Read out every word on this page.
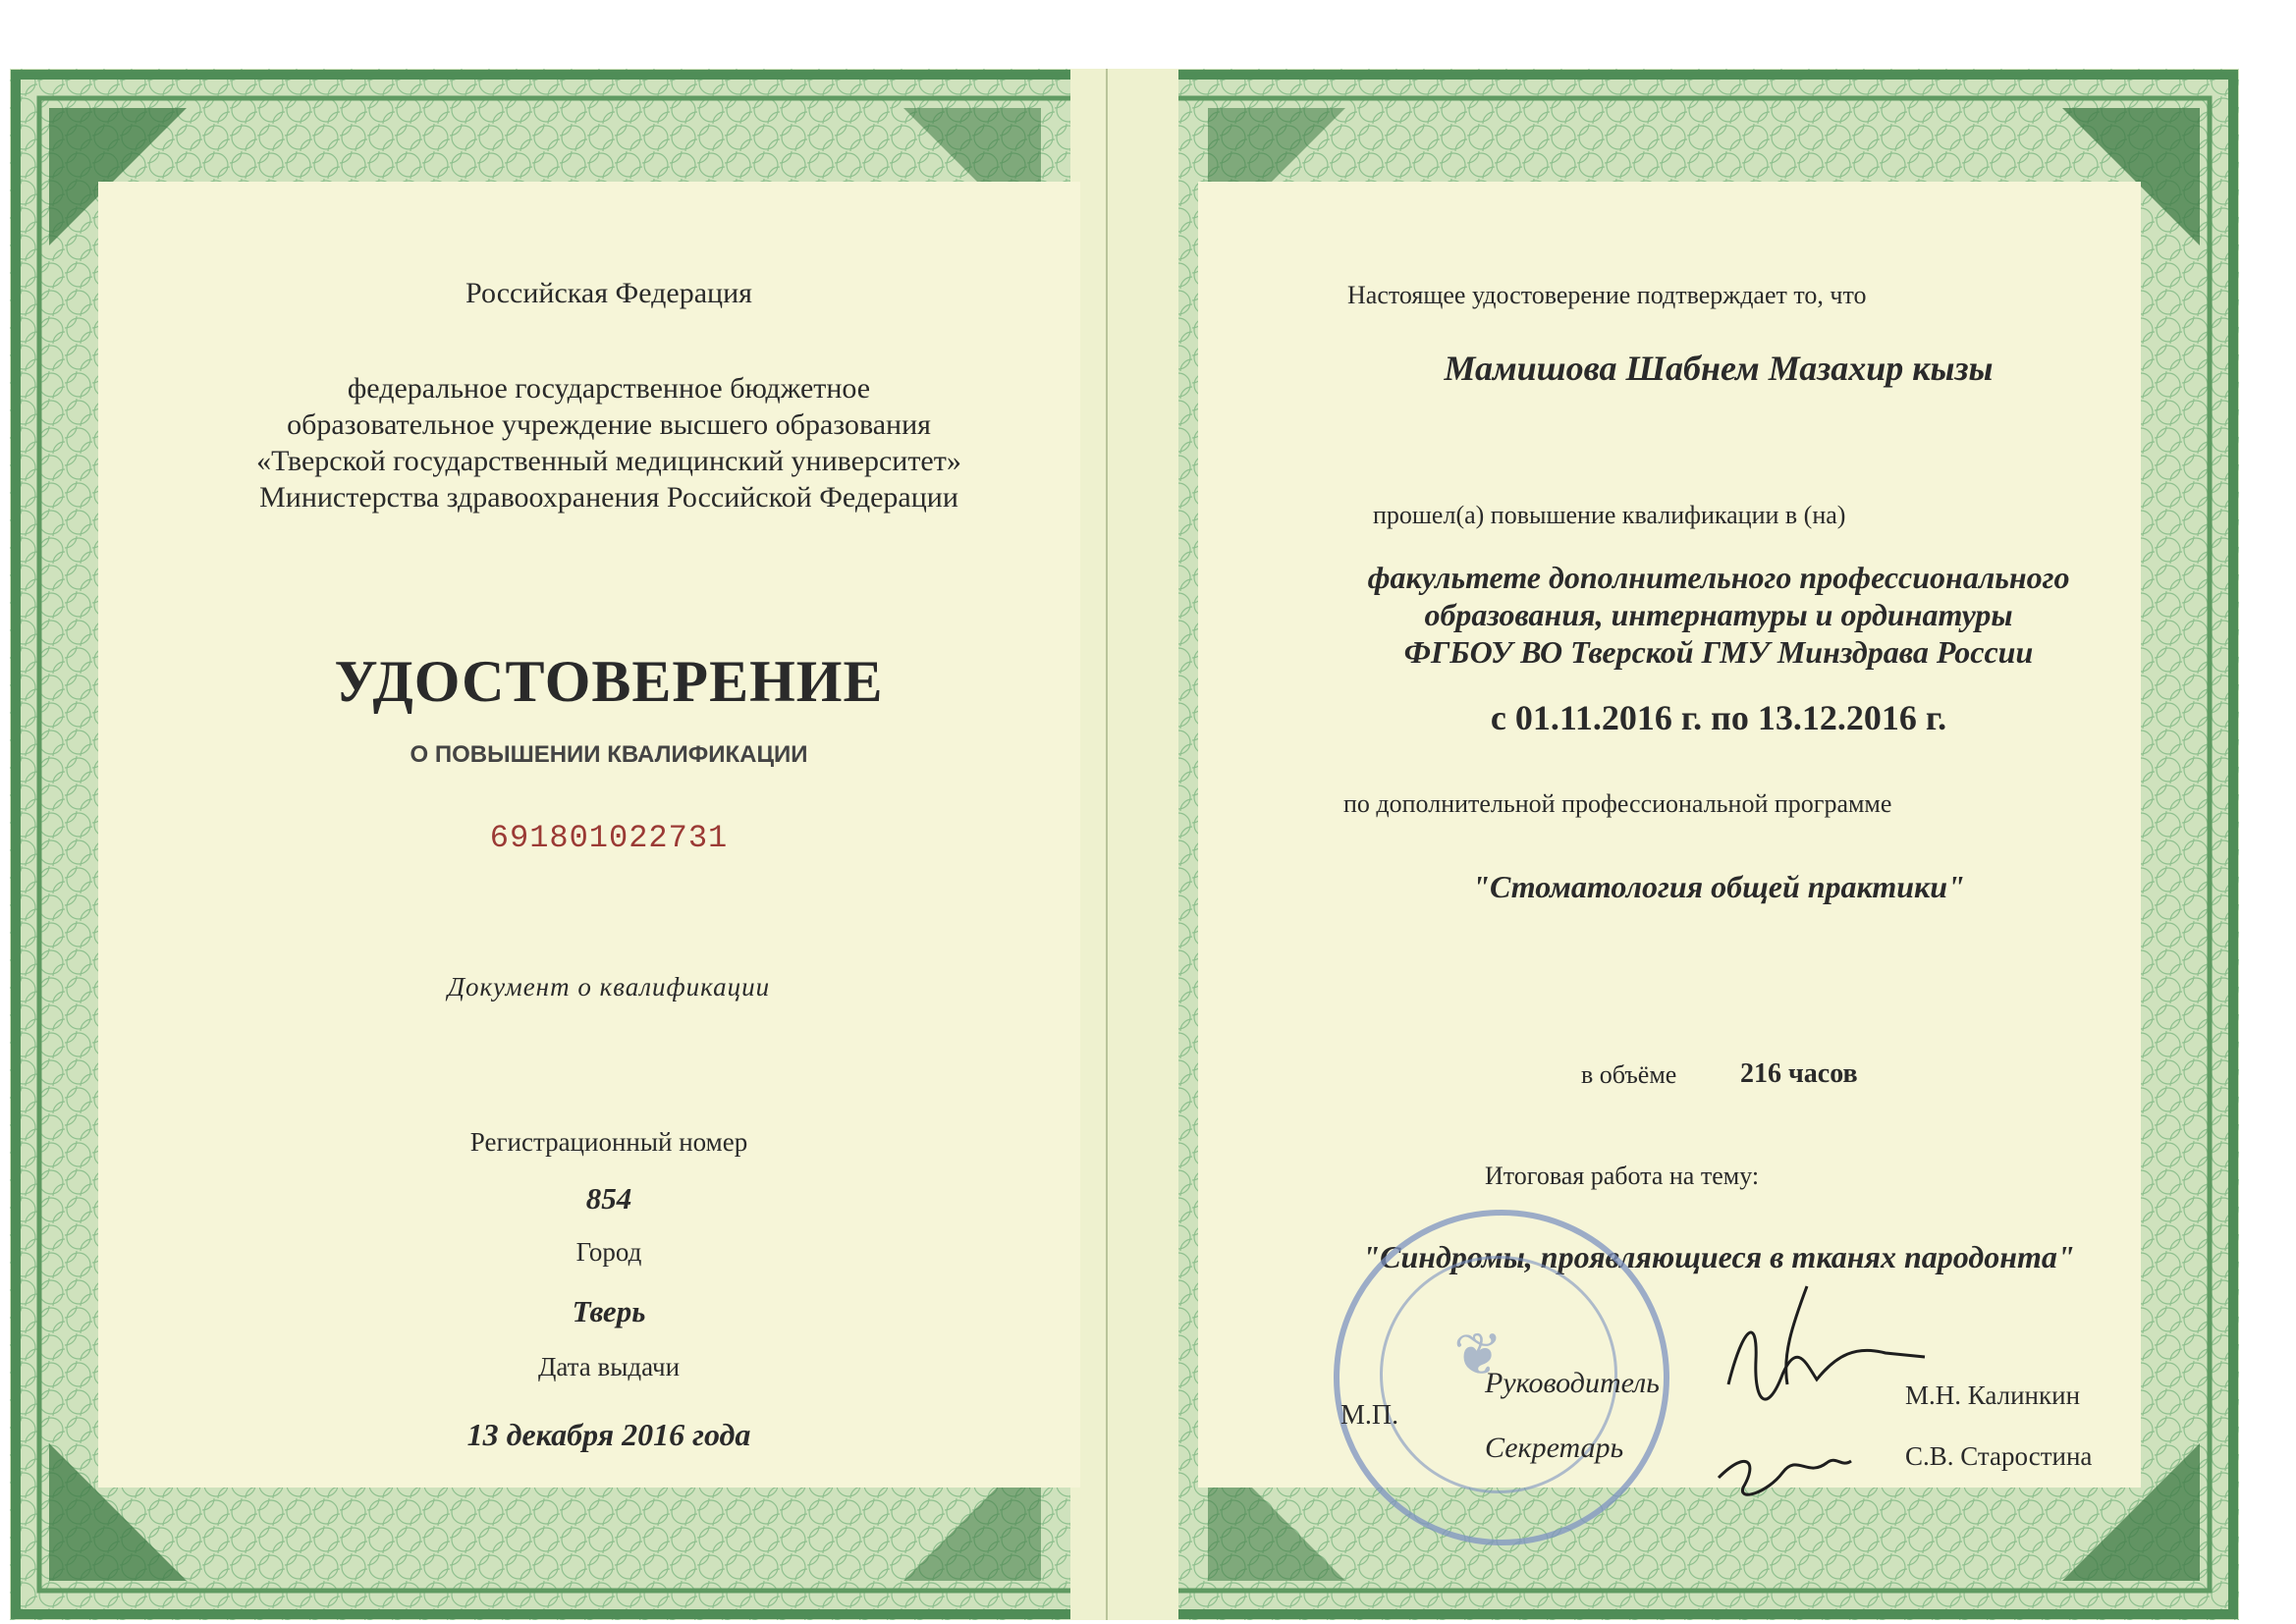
Российская Федерация
федеральное государственное бюджетное
образовательное учреждение высшего образования
«Тверской государственный медицинский университет»
Министерства здравоохранения Российской Федерации
УДОСТОВЕРЕНИЕ
О ПОВЫШЕНИИ КВАЛИФИКАЦИИ
691801022731
Документ о квалификации
Регистрационный номер
854
Город
Тверь
Дата выдачи
13 декабря 2016 года
Настоящее удостоверение подтверждает то, что
Мамишова Шабнем Мазахир кызы
прошел(а) повышение квалификации в (на)
факультете дополнительного профессионального
образования, интернатуры и ординатуры
ФГБОУ ВО Тверской ГМУ Минздрава России
с 01.11.2016 г. по 13.12.2016 г.
по дополнительной профессиональной программе
"Стоматология общей практики"
в объёме 216 часов
Итоговая работа на тему:
"Синдромы, проявляющиеся в тканях пародонта"
❦
М.П.
Руководитель
Секретарь
М.Н. Калинкин
С.В. Старостина
